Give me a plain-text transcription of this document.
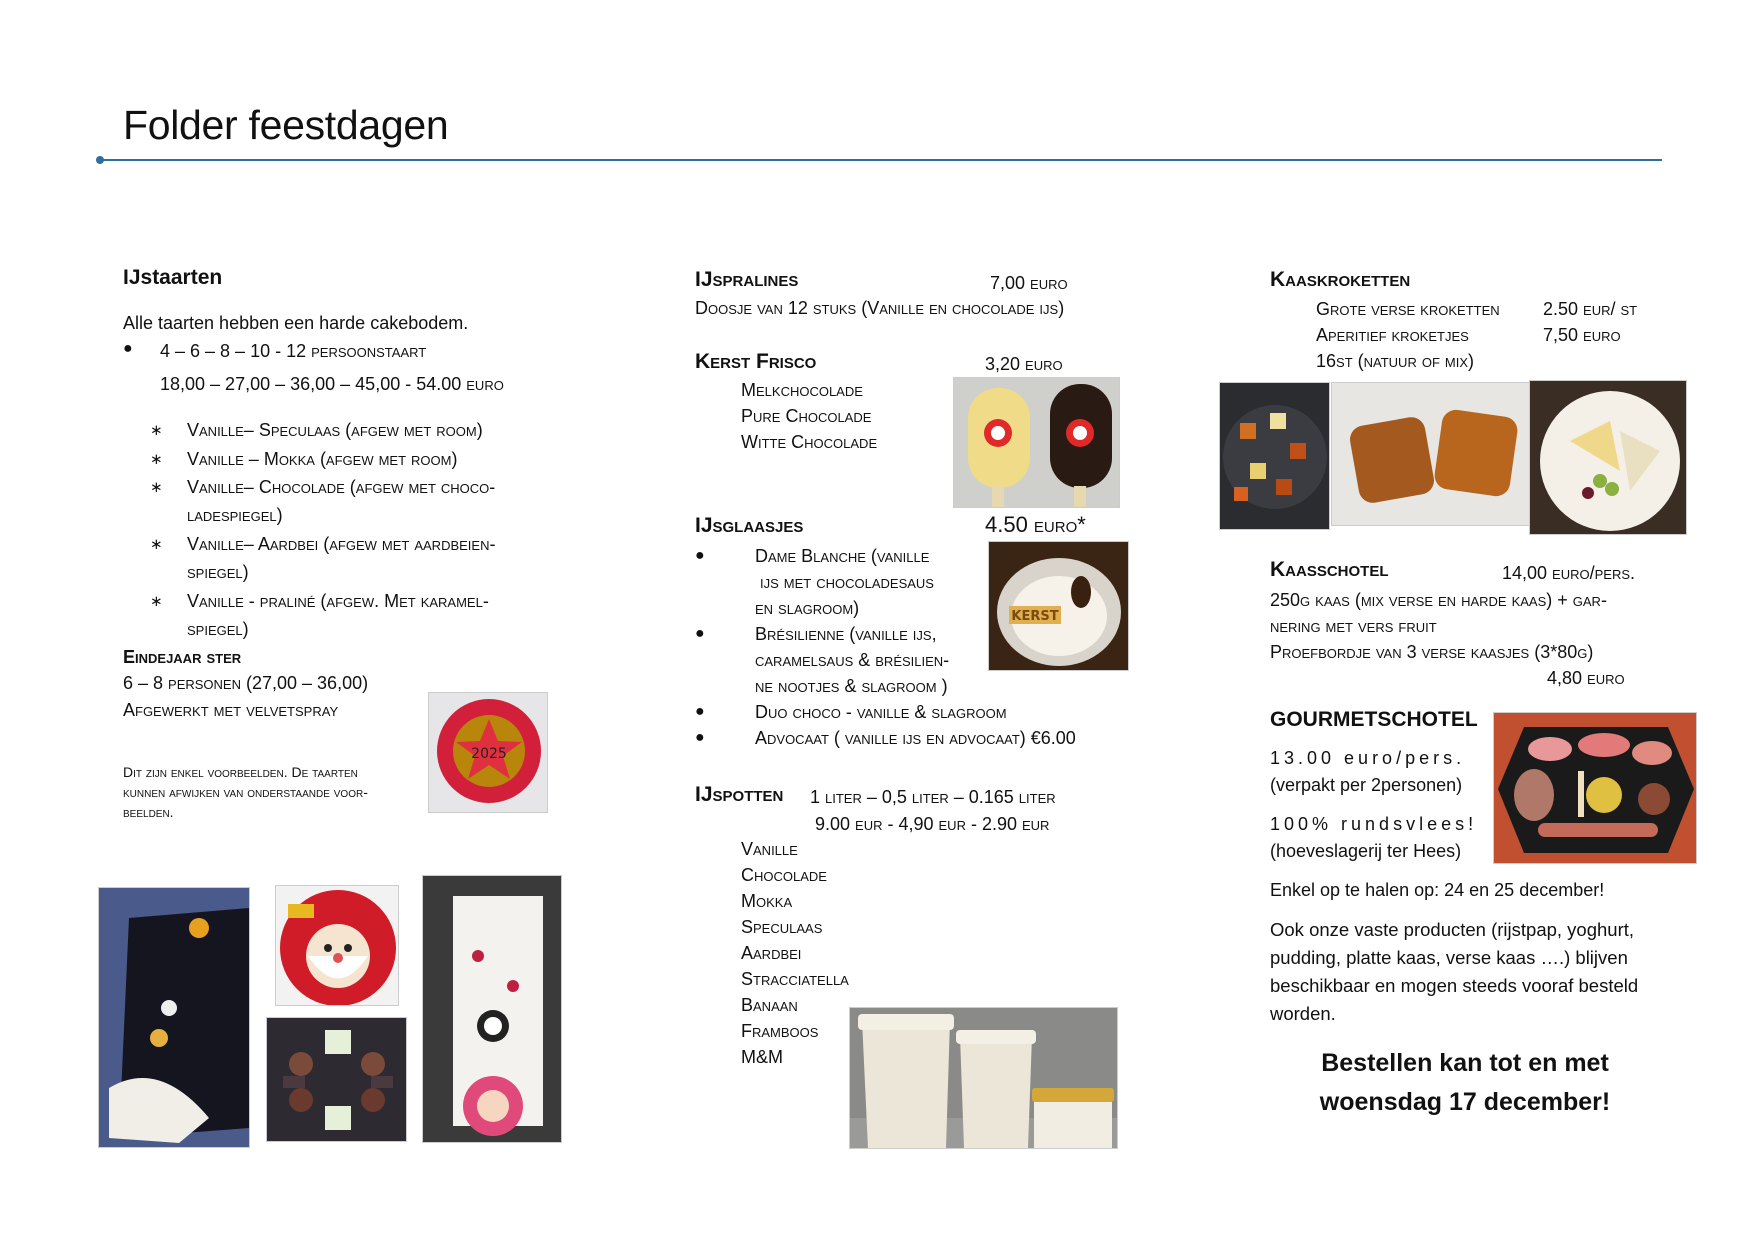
Folder feestdagen
IJstaarten
Alle taarten hebben een harde cakebodem.
● 4 – 6 – 8 – 10 - 12 persoonstaart
18,00 – 27,00 – 36,00 – 45,00 - 54.00 euro
∗ Vanille– Speculaas (afgew met room)
∗ Vanille – Mokka (afgew met room)
∗ Vanille– Chocolade (afgew met choco-
ladespiegel)
∗ Vanille– Aardbei (afgew met aardbeien-
spiegel)
∗ Vanille - praliné (afgew. Met karamel-
spiegel)
Eindejaar ster
6 – 8 personen (27,00 – 36,00)
Afgewerkt met velvetspray
Dit zijn enkel voorbeelden. De taarten
kunnen afwijken van onderstaande voor-
beelden.
2025
IJspralines	7,00 euro
Doosje van 12 stuks (Vanille en chocolade ijs)
Kerst Frisco	3,20 euro
Melkchocolade
Pure Chocolade
Witte Chocolade
IJsglaasjes	4.50 euro*
●	Dame Blanche (vanille
ijs met chocoladesaus
en slagroom)
●	Brésilienne (vanille ijs,
caramelsaus & brésilien-
ne nootjes & slagroom )
●	Duo choco - vanille & slagroom
●	Advocaat ( vanille ijs en advocaat) €6.00
KERST
IJspotten 1 liter – 0,5 liter – 0.165 liter
9.00 eur - 4,90 eur - 2.90 eur
Vanille
Chocolade
Mokka
Speculaas
Aardbei
Stracciatella
Banaan
Framboos
M&M
Kaaskroketten
Grote verse kroketten 2.50 eur/ st
Aperitief kroketjes	7,50 euro
16st (natuur of mix)
Kaasschotel	14,00 euro/pers.
250g kaas (mix verse en harde kaas) + gar-
nering met vers fruit
Proefbordje van 3 verse kaasjes (3*80g)
4,80 euro
GOURMETSCHOTEL
13.00 euro/pers.
(verpakt per 2personen)
100% rundsvlees!
(hoeveslagerij ter Hees)
Enkel op te halen op: 24 en 25 december!
Ook onze vaste producten (rijstpap, yoghurt,
pudding, platte kaas, verse kaas ….) blijven
beschikbaar en mogen steeds vooraf besteld
worden.
Bestellen kan tot en met
woensdag 17 december!
